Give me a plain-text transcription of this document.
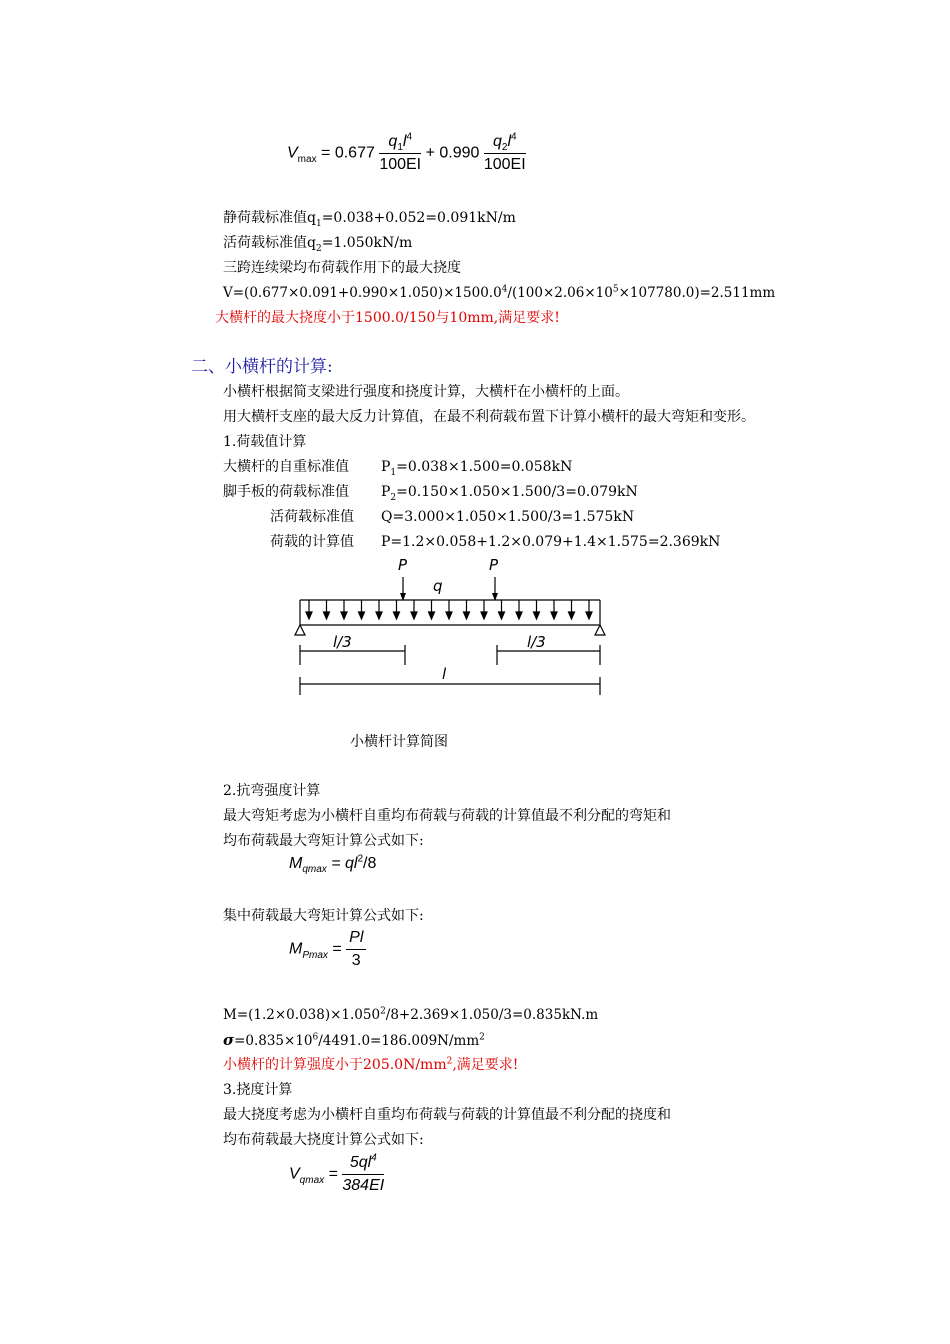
$V_{max} = 0.677 \frac{q_1l^4}{100EI} + 0.990 \frac{q_2l^4}{100EI}$
静荷载标准值$q_1=0.038+0.052=0.091kN/m$
活荷载标准值$q_2=1.050kN/m$
三跨连续梁均布荷载作用下的最大挠度
$V=(0.677\times 0.091+0.990\times 1.050)\times 1500.0^4/(100\times 2.06\times 10^5\times 107780.0)=2.511mm$
大横杆的最大挠度小于1500.0/150与10mm,满足要求!
二、小横杆的计算:
小横杆根据简支梁进行强度和挠度计算，大横杆在小横杆的上面。
用大横杆支座的最大反力计算值，在最不利荷载布置下计算小横杆的最大弯矩和变形。
1.荷载值计算
大横杆的自重标准值 $P_1=0.038\times 1.500=0.058kN$
脚手板的荷载标准值 $P_2=0.150\times 1.050\times 1.500/3=0.079kN$
活荷载标准值 Q=3.000×1.050×1.500/3=1.575kN
荷载的计算值 P=1.2×0.058+1.2×0.079+1.4×1.575=2.369kN
P
q
P
l/3	l/3
l
小横杆计算简图
2.抗弯强度计算
最大弯矩考虑为小横杆自重均布荷载与荷载的计算值最不利分配的弯矩和
均布荷载最大弯矩计算公式如下:
$M_{qmax} = ql^2/8$
集中荷载最大弯矩计算公式如下:
$M_{Pmax} = \frac{Pl}{3}$
$M=(1.2\times 0.038)\times 1.050^2/8+2.369\times 1.050/3=0.835kN.m$
$\sigma=0.835\times 10^6/4491.0=186.009N/mm^2$
小横杆的计算强度小于$205.0N/mm^2$,满足要求!
3.挠度计算
最大挠度考虑为小横杆自重均布荷载与荷载的计算值最不利分配的挠度和
均布荷载最大挠度计算公式如下:
$V_{qmax} = \frac{5ql^4}{384EI}$
